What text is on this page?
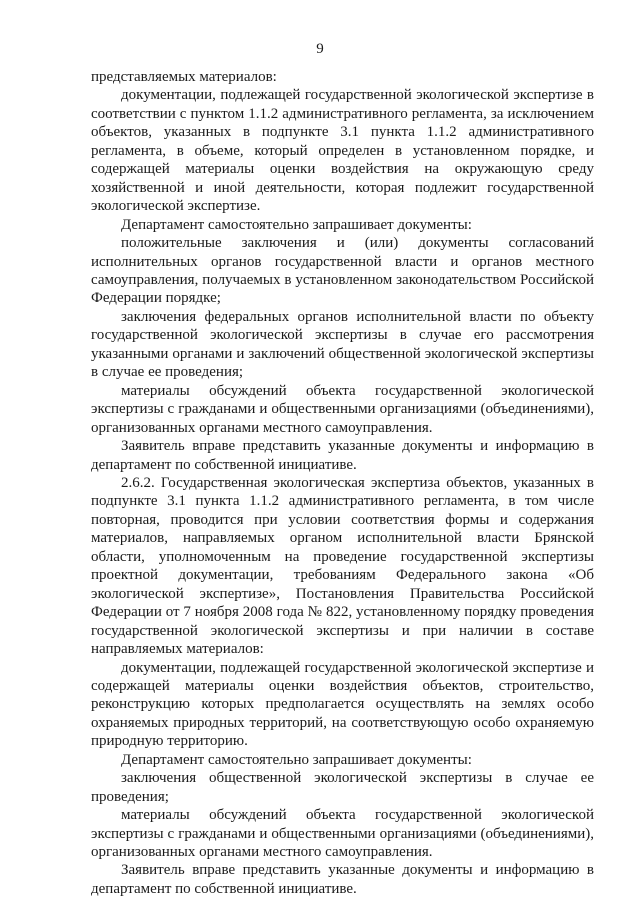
9

представляемых материалов:

документации, подлежащей государственной экологической экспертизе в соответствии с пунктом 1.1.2 административного регламента, за исключением объектов, указанных в подпункте 3.1 пункта 1.1.2 административного регламента, в объеме, который определен в установленном порядке, и содержащей материалы оценки воздействия на окружающую среду хозяйственной и иной деятельности, которая подлежит государственной экологической экспертизе.

Департамент самостоятельно запрашивает документы:

положительные заключения и (или) документы согласований исполнительных органов государственной власти и органов местного самоуправления, получаемых в установленном законодательством Российской Федерации порядке;

заключения федеральных органов исполнительной власти по объекту государственной экологической экспертизы в случае его рассмотрения указанными органами и заключений общественной экологической экспертизы в случае ее проведения;

материалы обсуждений объекта государственной экологической экспертизы с гражданами и общественными организациями (объединениями), организованных органами местного самоуправления.

Заявитель вправе представить указанные документы и информацию в департамент по собственной инициативе.

2.6.2. Государственная экологическая экспертиза объектов, указанных в подпункте 3.1 пункта 1.1.2 административного регламента, в том числе повторная, проводится при условии соответствия формы и содержания материалов, направляемых органом исполнительной власти Брянской области, уполномоченным на проведение государственной экспертизы проектной документации, требованиям Федерального закона «Об экологической экспертизе», Постановления Правительства Российской Федерации от 7 ноября 2008 года № 822, установленному порядку проведения государственной экологической экспертизы и при наличии в составе направляемых материалов:

документации, подлежащей государственной экологической экспертизе и содержащей материалы оценки воздействия объектов, строительство, реконструкцию которых предполагается осуществлять на землях особо охраняемых природных территорий, на соответствующую особо охраняемую природную территорию.

Департамент самостоятельно запрашивает документы:

заключения общественной экологической экспертизы в случае ее проведения;

материалы обсуждений объекта государственной экологической экспертизы с гражданами и общественными организациями (объединениями), организованных органами местного самоуправления.

Заявитель вправе представить указанные документы и информацию в департамент по собственной инициативе.
